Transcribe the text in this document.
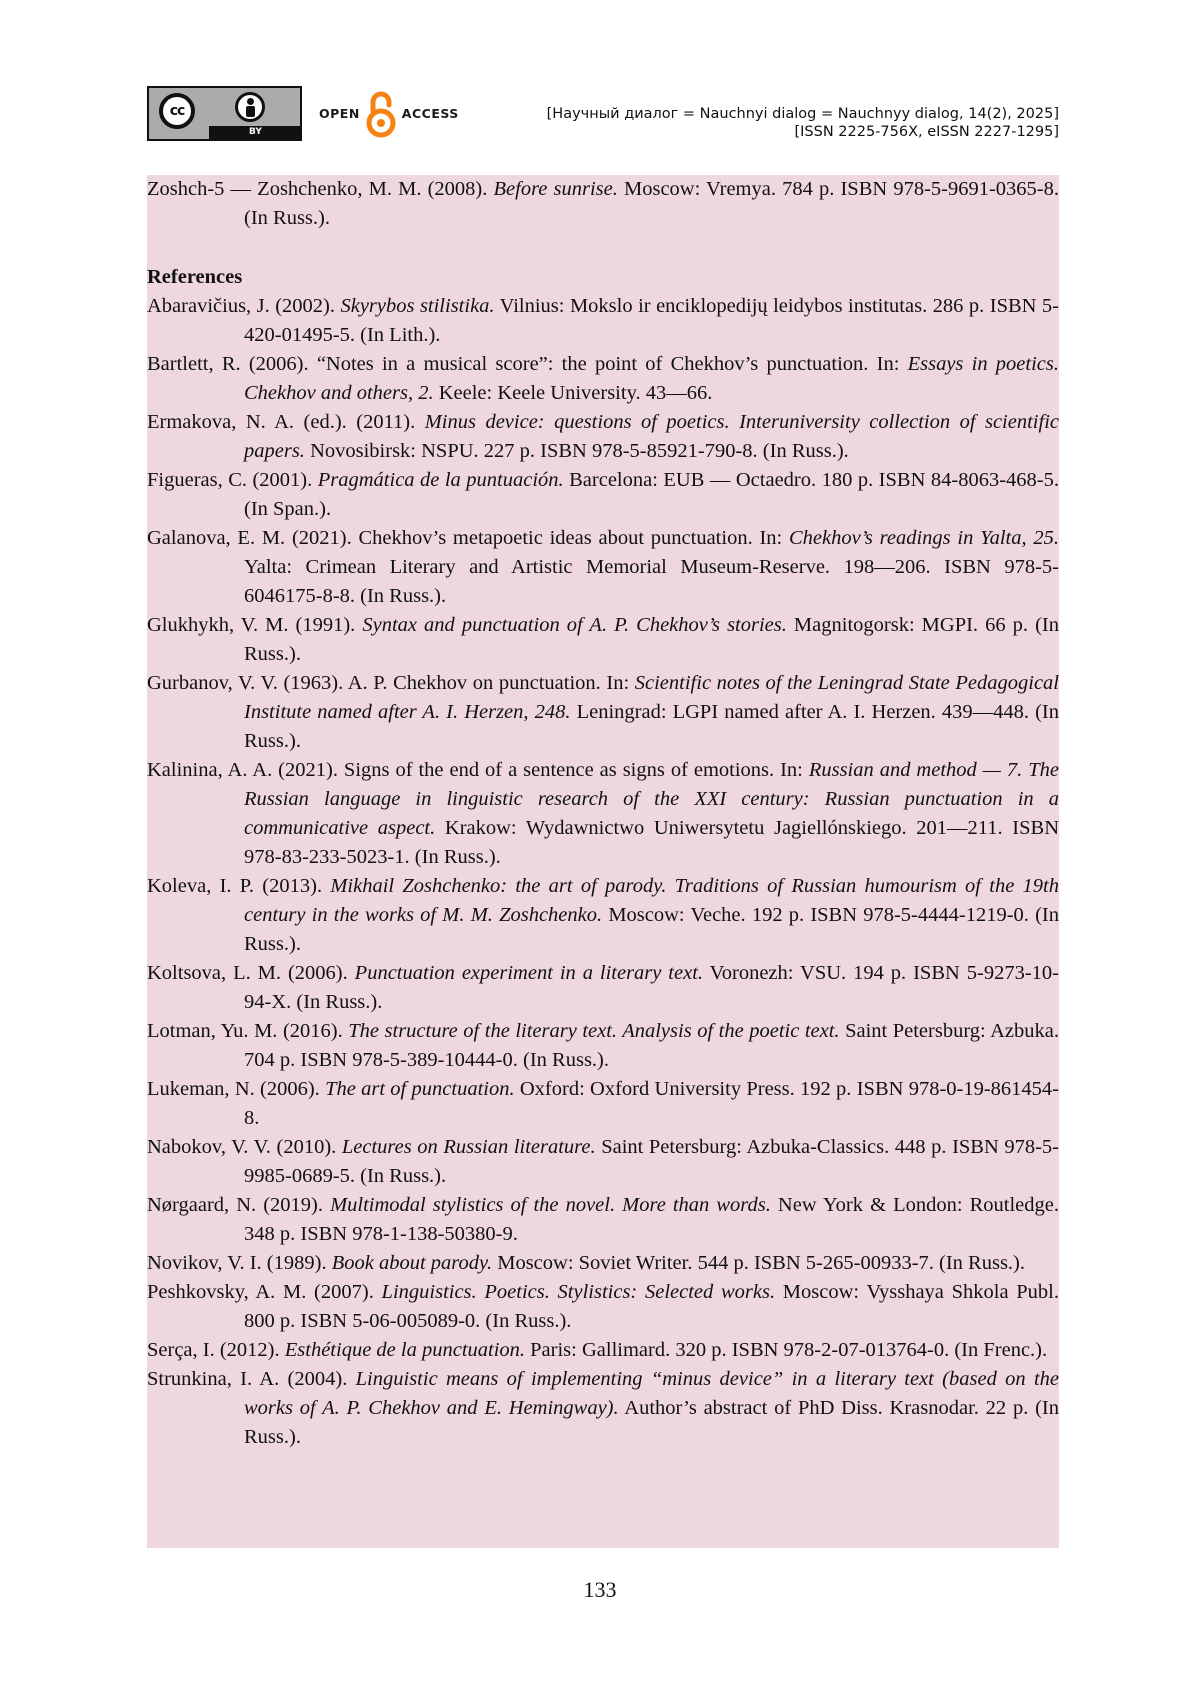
cc
BY
OPEN	ACCESS	[Научный диалог = Nauchnyi dialog = Nauchnyy dialog, 14(2), 2025]
[ISSN 2225-756X, eISSN 2227-1295]

Zoshch-5 — Zoshchenko, M. M. (2008). Before sunrise. Moscow: Vremya. 784 p. ISBN 978-5-9691-0365-8. (In Russ.).

References

Abaravičius, J. (2002). Skyrybos stilistika. Vilnius: Mokslo ir enciklopedijų leidybos institutas. 286 p. ISBN 5-420-01495-5. (In Lith.).

Bartlett, R. (2006). “Notes in a musical score”: the point of Chekhov’s punctuation. In: Essays in poetics. Chekhov and others, 2. Keele: Keele University. 43—66.

Ermakova, N. A. (ed.). (2011). Minus device: questions of poetics. Interuniversity collection of scientific papers. Novosibirsk: NSPU. 227 p. ISBN 978-5-85921-790-8. (In Russ.).

Figueras, C. (2001). Pragmática de la puntuación. Barcelona: EUB — Octaedro. 180 p. ISBN 84-8063-468-5. (In Span.).

Galanova, E. M. (2021). Chekhov’s metapoetic ideas about punctuation. In: Chekhov’s readings in Yalta, 25. Yalta: Crimean Literary and Artistic Memorial Museum-Reserve. 198—206. ISBN 978-5-6046175-8-8. (In Russ.).

Glukhykh, V. M. (1991). Syntax and punctuation of A. P. Chekhov’s stories. Magnitogorsk: MGPI. 66 p. (In Russ.).

Gurbanov, V. V. (1963). A. P. Chekhov on punctuation. In: Scientific notes of the Leningrad State Pedagogical Institute named after A. I. Herzen, 248. Leningrad: LGPI named after A. I. Herzen. 439—448. (In Russ.).

Kalinina, A. A. (2021). Signs of the end of a sentence as signs of emotions. In: Russian and method — 7. The Russian language in linguistic research of the XXI century: Russian punctuation in a communicative aspect. Krakow: Wydawnictwo Uniwersytetu Jagiellónskiego. 201—211. ISBN 978-83-233-5023-1. (In Russ.).

Koleva, I. P. (2013). Mikhail Zoshchenko: the art of parody. Traditions of Russian humourism of the 19th century in the works of M. M. Zoshchenko. Moscow: Veche. 192 p. ISBN 978-5-4444-1219-0. (In Russ.).

Koltsova, L. M. (2006). Punctuation experiment in a literary text. Voronezh: VSU. 194 p. ISBN 5-9273-10-94-X. (In Russ.).

Lotman, Yu. M. (2016). The structure of the literary text. Analysis of the poetic text. Saint Petersburg: Azbuka. 704 p. ISBN 978-5-389-10444-0. (In Russ.).

Lukeman, N. (2006). The art of punctuation. Oxford: Oxford University Press. 192 p. ISBN 978-0-19-861454-8.

Nabokov, V. V. (2010). Lectures on Russian literature. Saint Petersburg: Azbuka-Classics. 448 p. ISBN 978-5-9985-0689-5. (In Russ.).

Nørgaard, N. (2019). Multimodal stylistics of the novel. More than words. New York & London: Routledge. 348 p. ISBN 978-1-138-50380-9.

Novikov, V. I. (1989). Book about parody. Moscow: Soviet Writer. 544 p. ISBN 5-265-00933-7. (In Russ.).

Peshkovsky, A. M. (2007). Linguistics. Poetics. Stylistics: Selected works. Moscow: Vysshaya Shkola Publ. 800 p. ISBN 5-06-005089-0. (In Russ.).

Serça, I. (2012). Esthétique de la punctuation. Paris: Gallimard. 320 p. ISBN 978-2-07-013764-0. (In Frenc.).

Strunkina, I. A. (2004). Linguistic means of implementing “minus device” in a literary text (based on the works of A. P. Chekhov and E. Hemingway). Author’s abstract of PhD Diss. Krasnodar. 22 p. (In Russ.).

133
